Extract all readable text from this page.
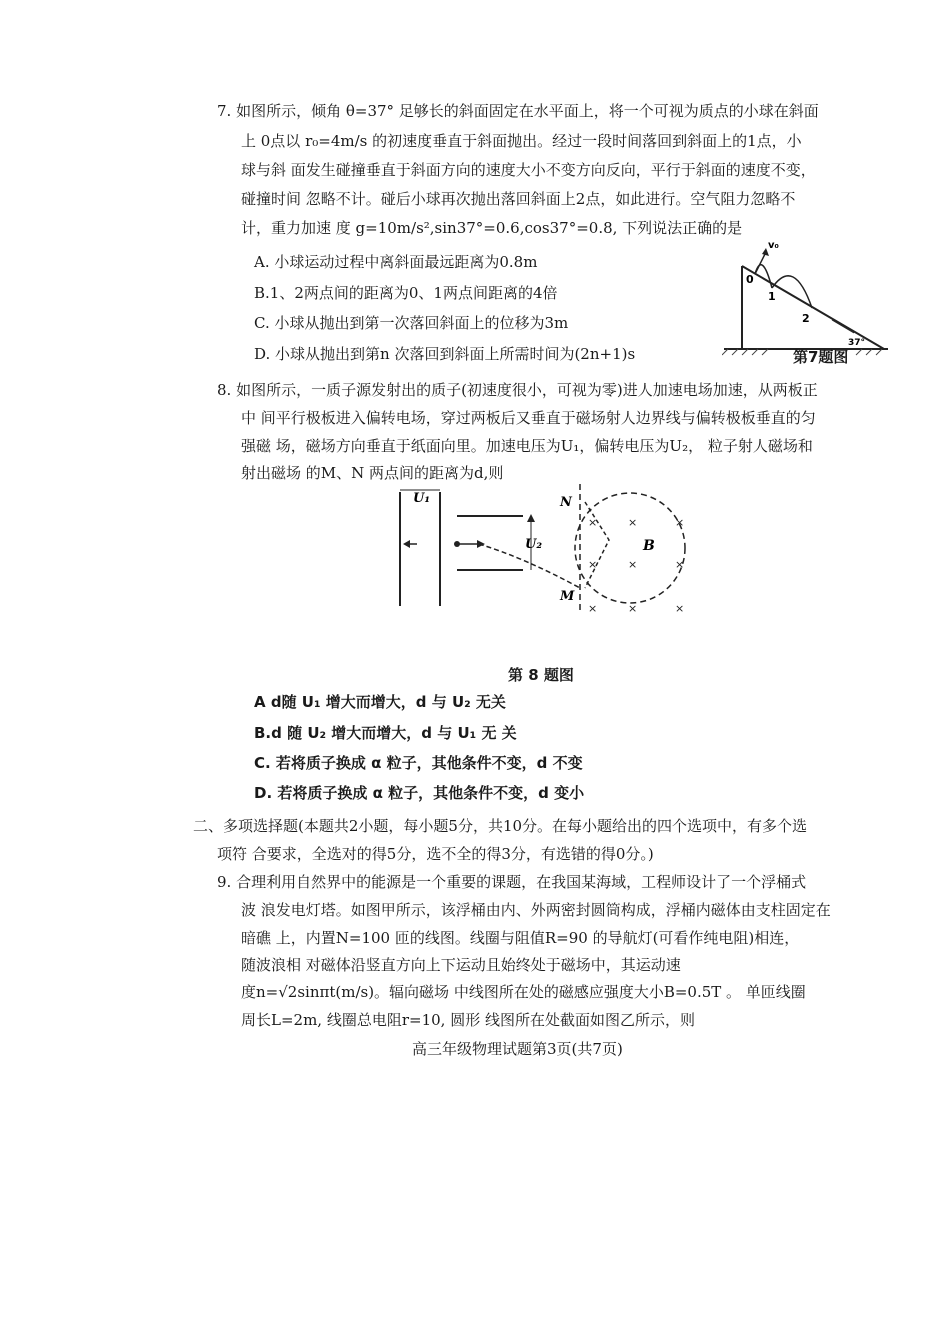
7. 如图所示，倾角 θ=37° 足够长的斜面固定在水平面上，将一个可视为质点的小球在斜面
上 0点以 r₀=4m/s 的初速度垂直于斜面抛出。经过一段时间落回到斜面上的1点，小
球与斜 面发生碰撞垂直于斜面方向的速度大小不变方向反向，平行于斜面的速度不变，
碰撞时间 忽略不计。碰后小球再次抛出落回斜面上2点，如此进行。空气阻力忽略不
计，重力加速 度 g=10m/s²,sin37°=0.6,cos37°=0.8, 下列说法正确的是
A. 小球运动过程中离斜面最远距离为0.8m
B.1、2两点间的距离为0、1两点间距离的4倍
C. 小球从抛出到第一次落回斜面上的位移为3m
D. 小球从抛出到第n 次落回到斜面上所需时间为(2n+1)s
v₀
0
1
2
37°
第7题图
8. 如图所示，一质子源发射出的质子(初速度很小，可视为零)进人加速电场加速，从两板正
中 间平行极板进入偏转电场，穿过两板后又垂直于磁场射人边界线与偏转极板垂直的匀
强磁 场，磁场方向垂直于纸面向里。加速电压为U₁，偏转电压为U₂， 粒子射人磁场和
射出磁场 的M、N 两点间的距离为d,则
U₁
U₂
N
M
B
×	×	×
×	×	×
×	×	×
第 8 题图
A d随 U₁ 增大而增大，d 与 U₂ 无关
B.d 随 U₂ 增大而增大，d 与 U₁ 无 关
C. 若将质子换成 α 粒子，其他条件不变，d 不变
D. 若将质子换成 α 粒子，其他条件不变，d 变小
二、多项选择题(本题共2小题，每小题5分，共10分。在每小题给出的四个选项中，有多个选
项符 合要求，全选对的得5分，选不全的得3分，有选错的得0分。)
9. 合理利用自然界中的能源是一个重要的课题，在我国某海域，工程师设计了一个浮桶式
波 浪发电灯塔。如图甲所示，该浮桶由内、外两密封圆筒构成，浮桶内磁体由支柱固定在
暗礁 上，内置N=100 匝的线图。线圈与阻值R=90 的导航灯(可看作纯电阻)相连，
随波浪相 对磁体沿竖直方向上下运动且始终处于磁场中，其运动速
度n=√2sinπt(m/s)。辐向磁场 中线图所在处的磁感应强度大小B=0.5T 。 单匝线圈
周长L=2m, 线圈总电阻r=10, 圆形 线图所在处截面如图乙所示，则
高三年级物理试题第3页(共7页)
